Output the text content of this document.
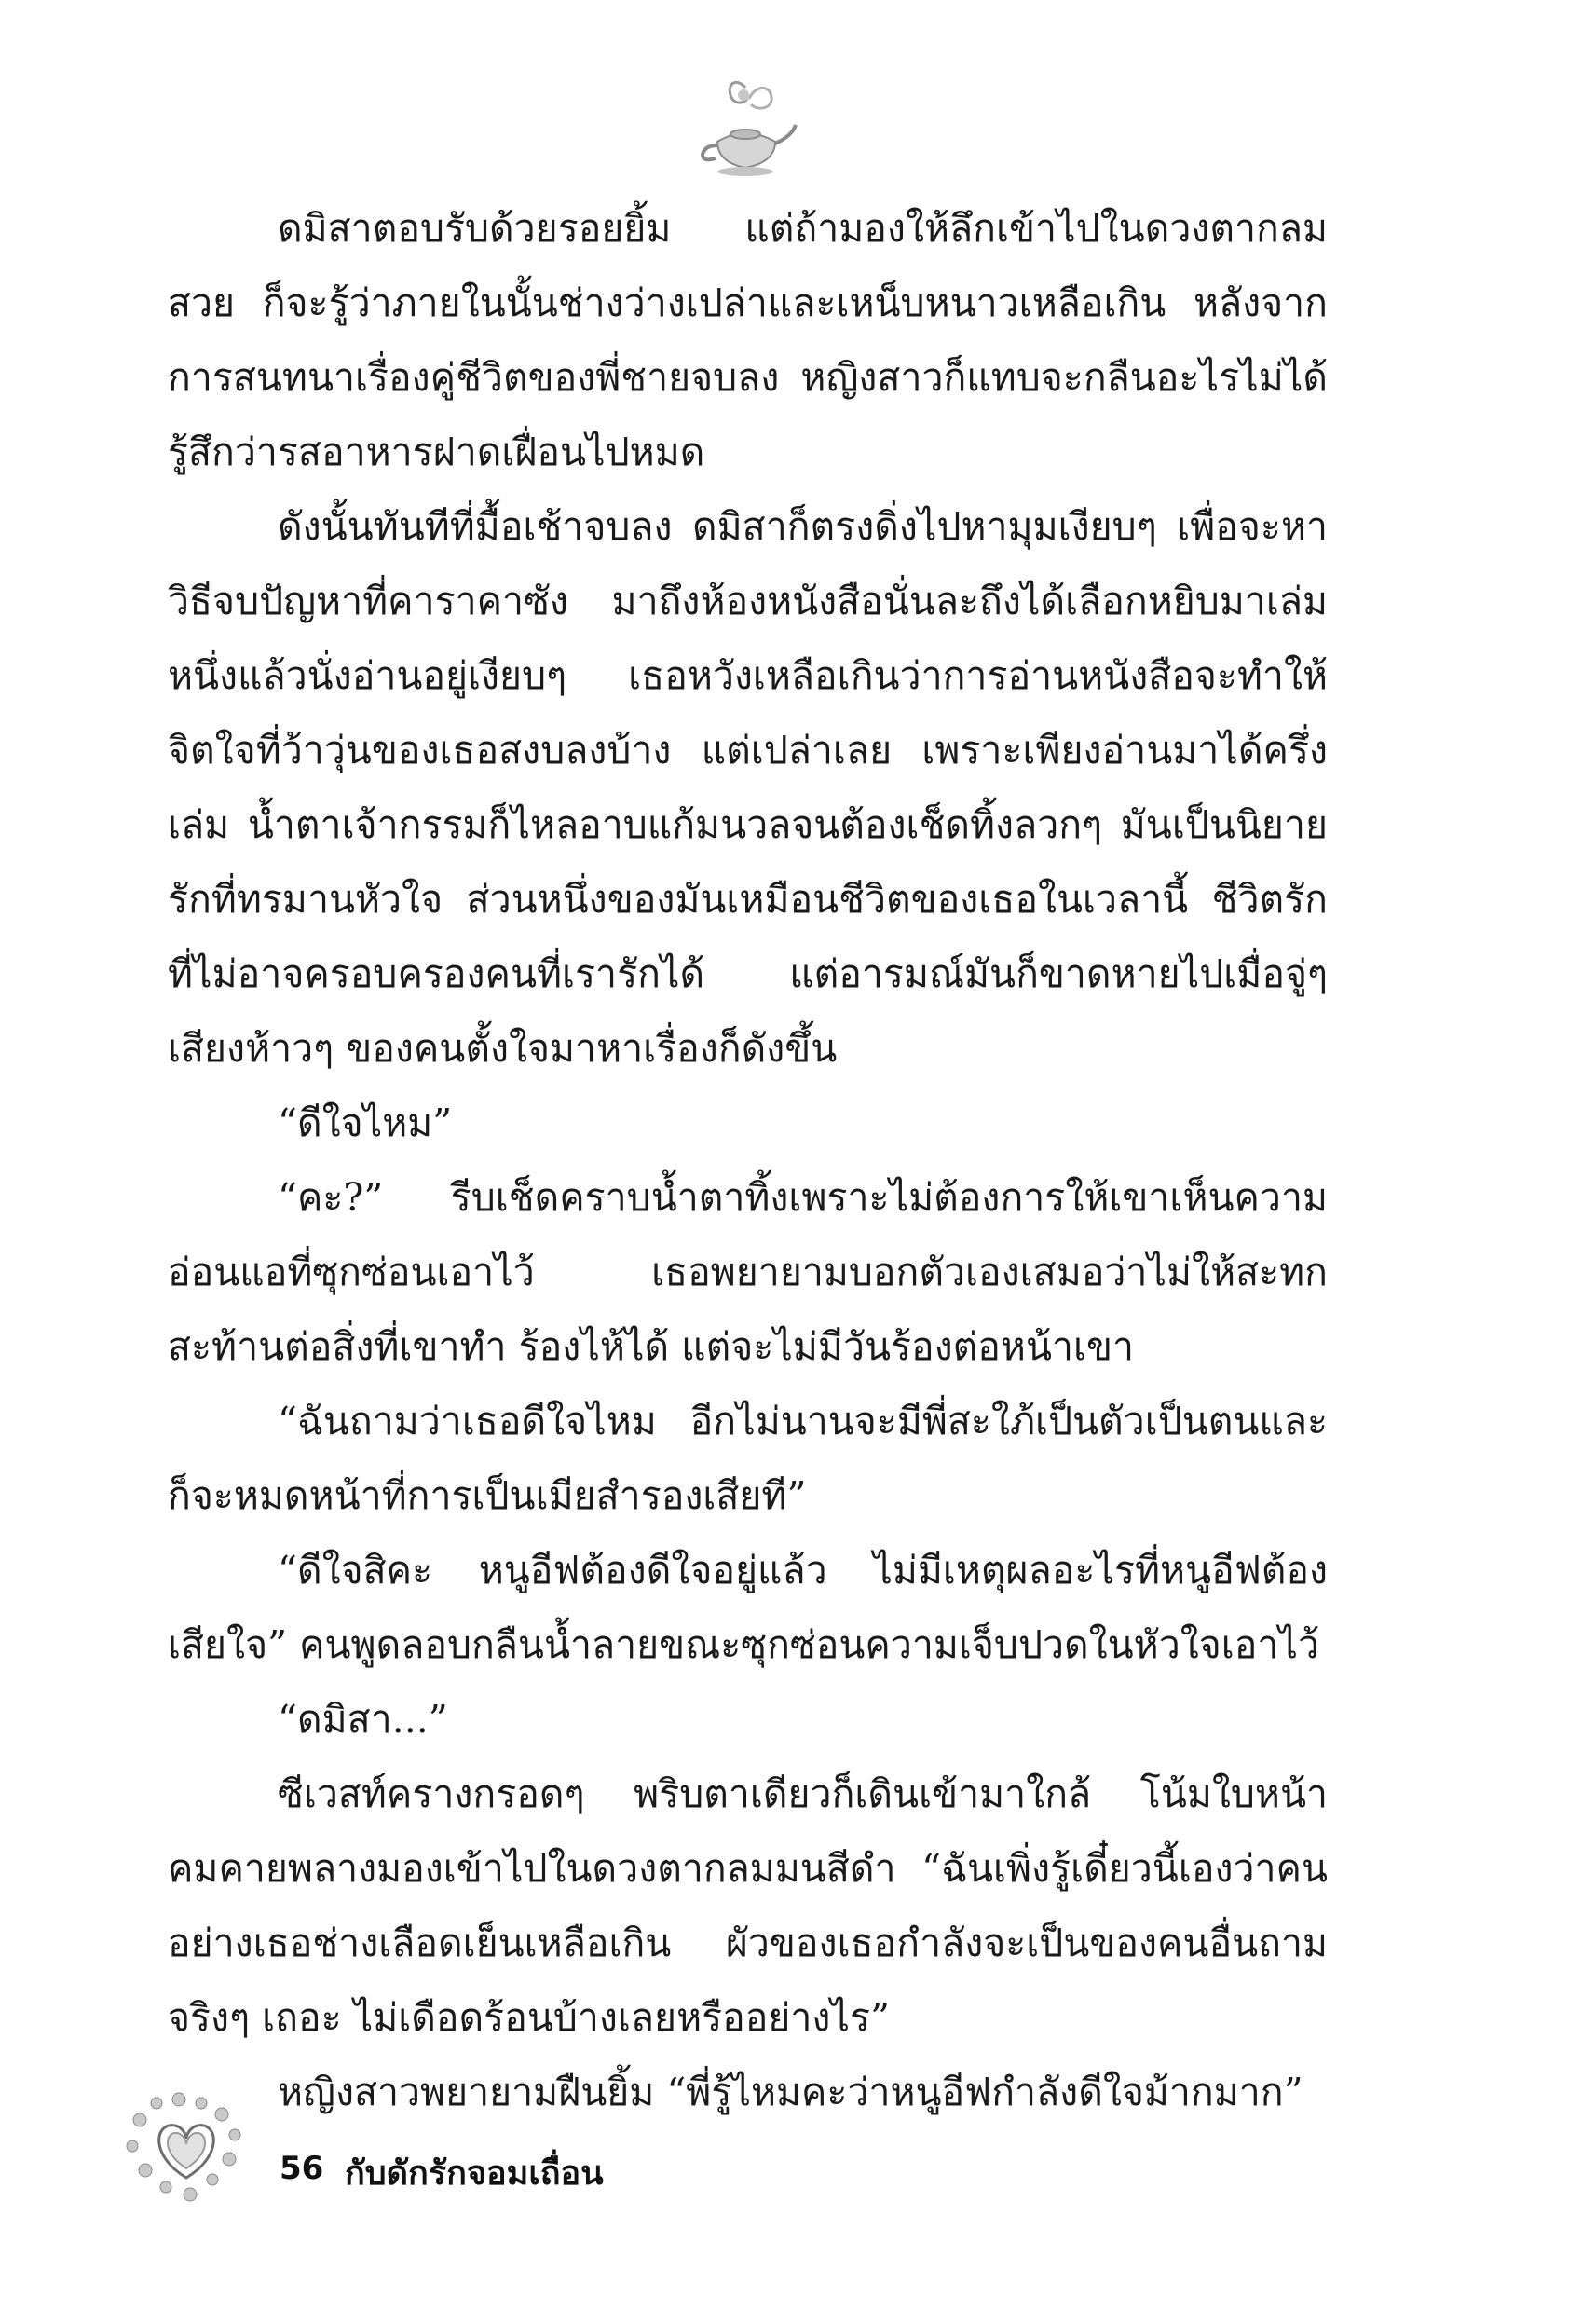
ดมิสาตอบรับด้วยรอยยิ้ม แต่ถ้ามองให้ลึกเข้าไปในดวงตากลมสวย ก็จะรู้ว่าภายในนั้นช่างว่างเปล่าและเหน็บหนาวเหลือเกิน หลังจากการสนทนาเรื่องคู่ชีวิตของพี่ชายจบลง หญิงสาวก็แทบจะกลืนอะไรไม่ได้ รู้สึกว่ารสอาหารฝาดเฝื่อนไปหมด

ดังนั้นทันทีที่มื้อเช้าจบลง ดมิสาก็ตรงดิ่งไปหามุมเงียบๆ เพื่อจะหาวิธีจบปัญหาที่คาราคาซัง มาถึงห้องหนังสือนั่นละถึงได้เลือกหยิบมาเล่มหนึ่งแล้วนั่งอ่านอยู่เงียบๆ เธอหวังเหลือเกินว่าการอ่านหนังสือจะทำให้จิตใจที่ว้าวุ่นของเธอสงบลงบ้าง แต่เปล่าเลย เพราะเพียงอ่านมาได้ครึ่งเล่ม น้ำตาเจ้ากรรมก็ไหลอาบแก้มนวลจนต้องเช็ดทิ้งลวกๆ มันเป็นนิยายรักที่ทรมานหัวใจ ส่วนหนึ่งของมันเหมือนชีวิตของเธอในเวลานี้ ชีวิตรักที่ไม่อาจครอบครองคนที่เรารักได้ แต่อารมณ์มันก็ขาดหายไปเมื่อจู่ๆ เสียงห้าวๆ ของคนตั้งใจมาหาเรื่องก็ดังขึ้น

“ดีใจไหม”

“คะ?” รีบเช็ดคราบน้ำตาทิ้งเพราะไม่ต้องการให้เขาเห็นความอ่อนแอที่ซุกซ่อนเอาไว้ เธอพยายามบอกตัวเองเสมอว่าไม่ให้สะทกสะท้านต่อสิ่งที่เขาทำ ร้องไห้ได้ แต่จะไม่มีวันร้องต่อหน้าเขา

“ฉันถามว่าเธอดีใจไหม อีกไม่นานจะมีพี่สะใภ้เป็นตัวเป็นตนและก็จะหมดหน้าที่การเป็นเมียสำรองเสียที”

“ดีใจสิคะ หนูอีฟต้องดีใจอยู่แล้ว ไม่มีเหตุผลอะไรที่หนูอีฟต้องเสียใจ” คนพูดลอบกลืนน้ำลายขณะซุกซ่อนความเจ็บปวดในหัวใจเอาไว้

“ดมิสา...”

ซีเวสท์ครางกรอดๆ พริบตาเดียวก็เดินเข้ามาใกล้ โน้มใบหน้าคมคายพลางมองเข้าไปในดวงตากลมมนสีดำ “ฉันเพิ่งรู้เดี๋ยวนี้เองว่าคนอย่างเธอช่างเลือดเย็นเหลือเกิน ผัวของเธอกำลังจะเป็นของคนอื่นถามจริงๆ เถอะ ไม่เดือดร้อนบ้างเลยหรืออย่างไร”

หญิงสาวพยายามฝืนยิ้ม “พี่รู้ไหมคะว่าหนูอีฟกำลังดีใจม้ากมาก”

56 กับดักรักจอมเถื่อน
